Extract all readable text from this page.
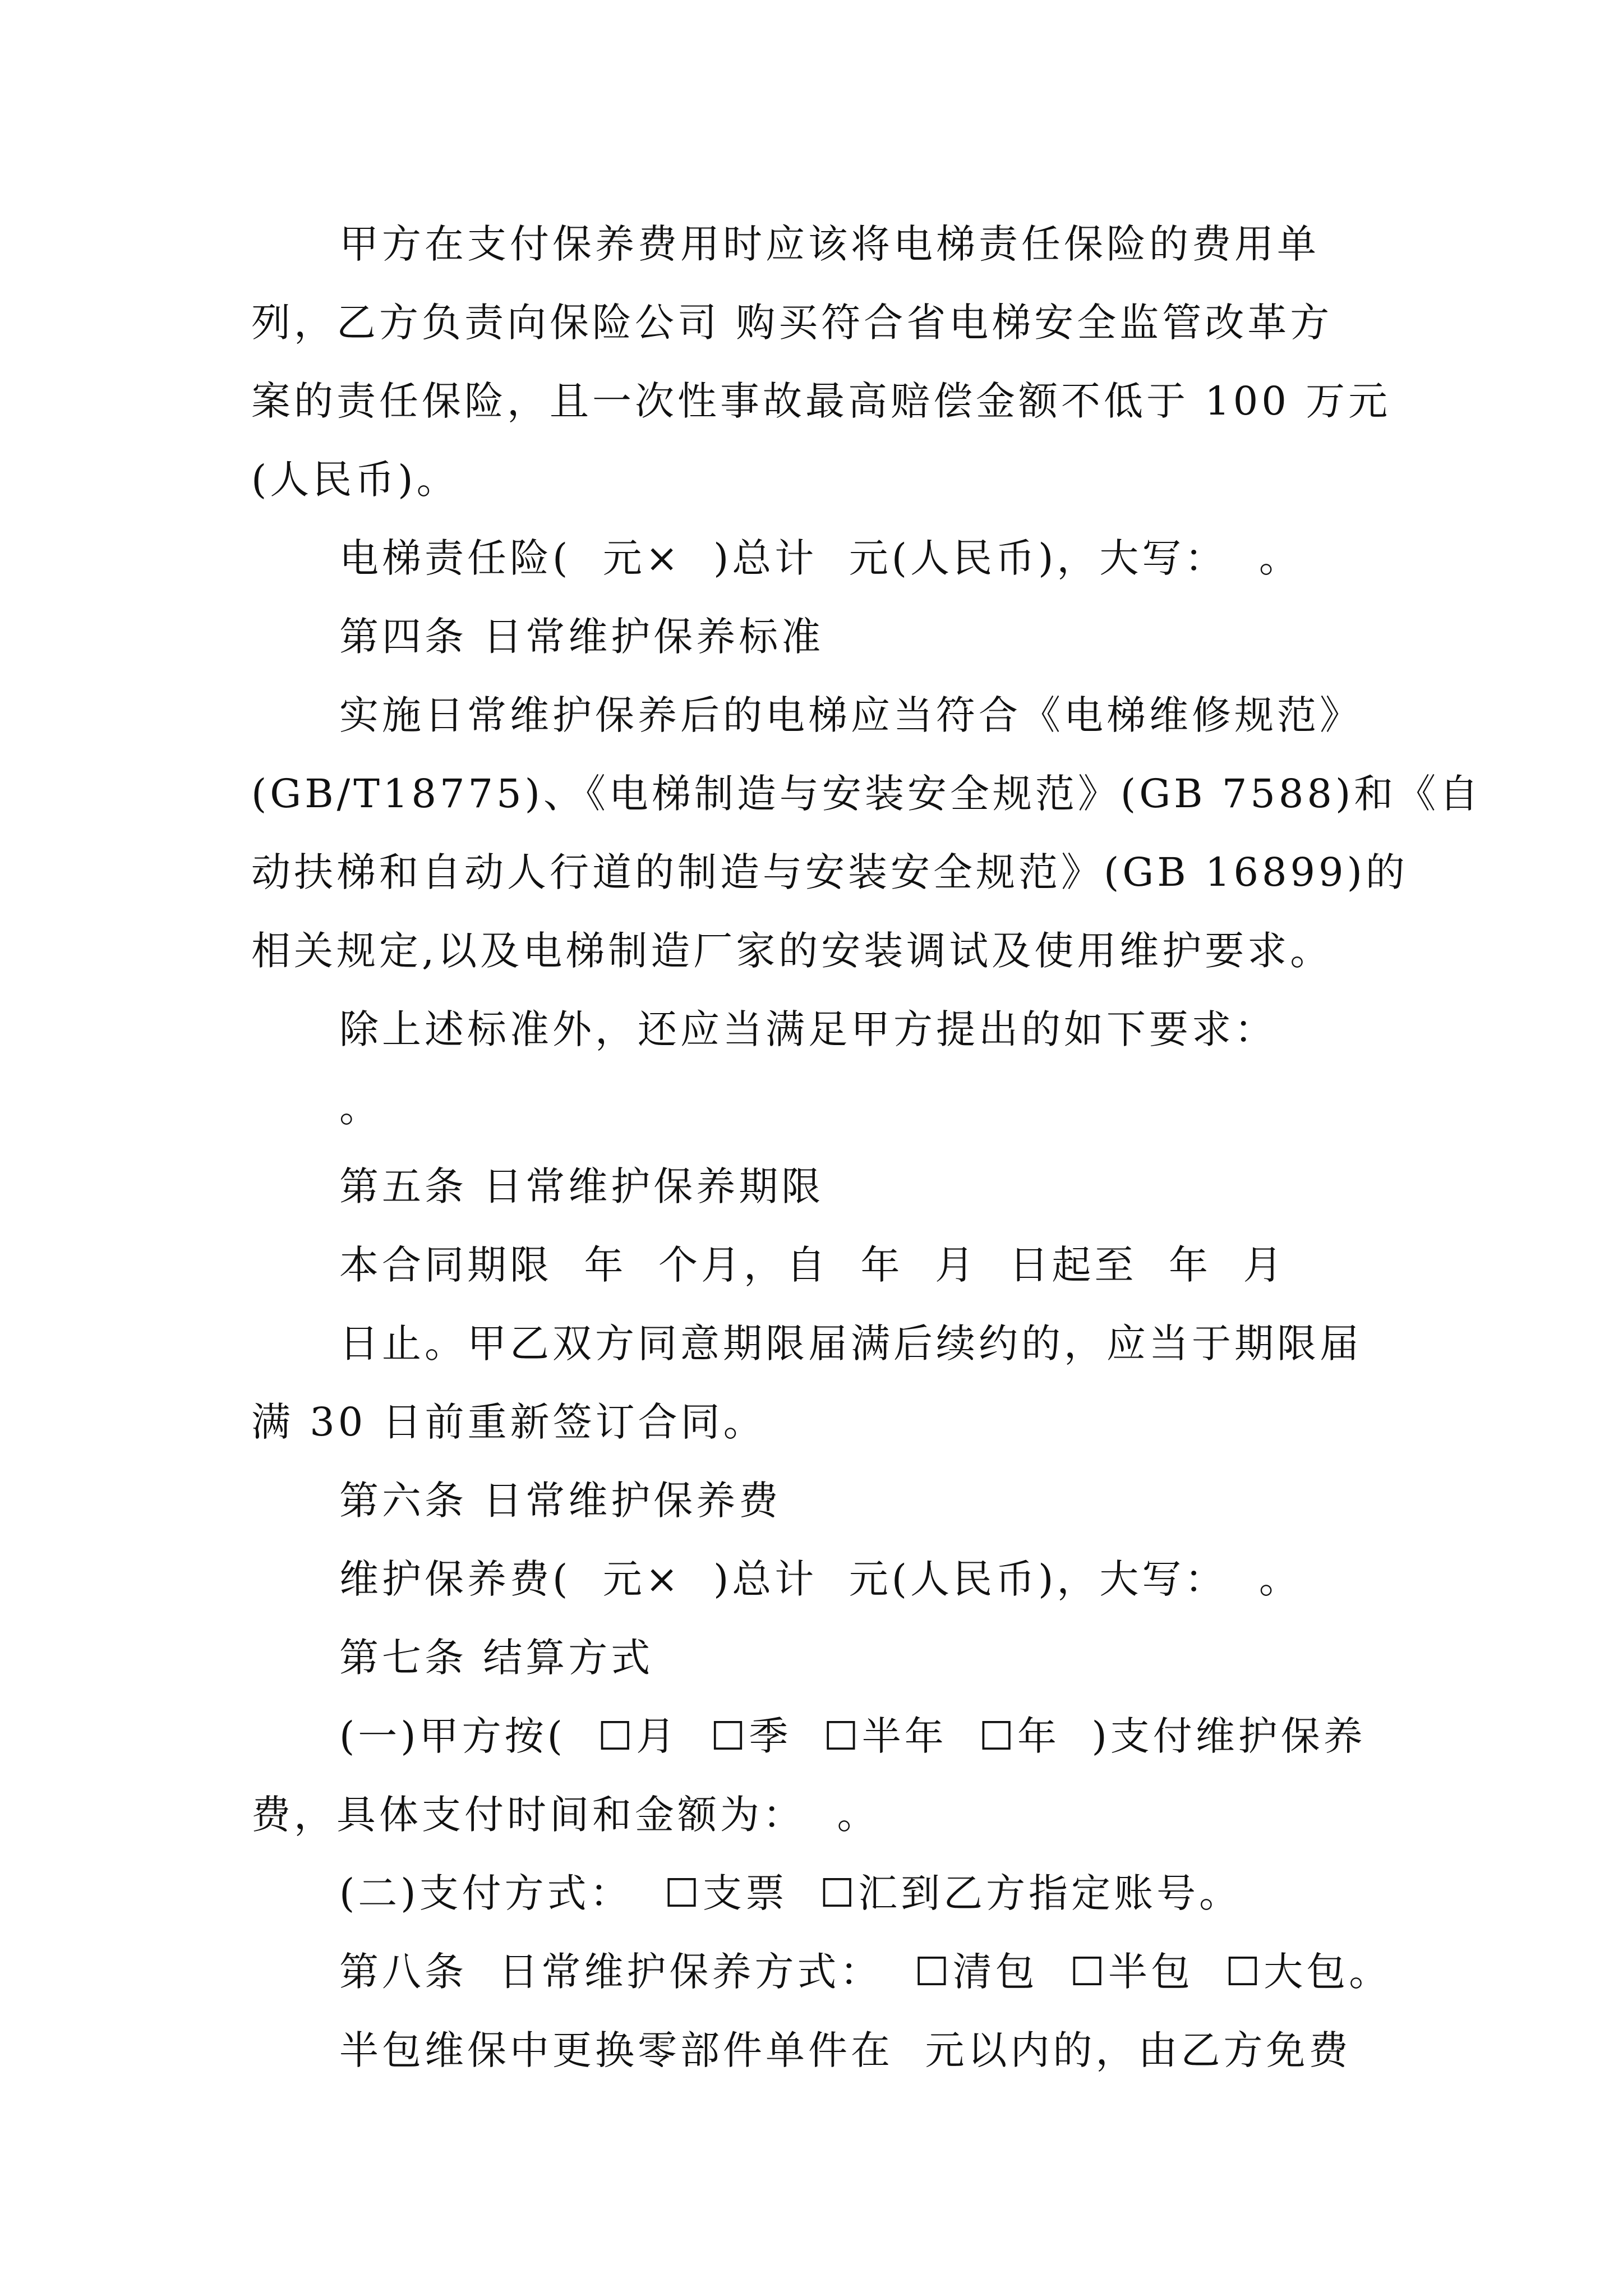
甲方在支付保养费用时应该将电梯责任保险的费用单
列，乙方负责向保险公司 购买符合省电梯安全监管改革方
案的责任保险，且一次性事故最高赔偿金额不低于 100 万元
(人民币)。
电梯责任险(  元×  )总计  元(人民币)，大写：  。
第四条 日常维护保养标准
实施日常维护保养后的电梯应当符合《电梯维修规范》
(GB/T18775)、《电梯制造与安装安全规范》(GB 7588)和《自
动扶梯和自动人行道的制造与安装安全规范》(GB 16899)的
相关规定,以及电梯制造厂家的安装调试及使用维护要求。
除上述标准外，还应当满足甲方提出的如下要求：
。
第五条 日常维护保养期限
本合同期限  年  个月，自  年  月  日起至  年  月
日止。甲乙双方同意期限届满后续约的，应当于期限届
满 30 日前重新签订合同。
第六条 日常维护保养费
维护保养费(  元×  )总计  元(人民币)，大写：  。
第七条 结算方式
(一)甲方按(  ☐月  ☐季  ☐半年  ☐年  )支付维护保养
费，具体支付时间和金额为：  。
(二)支付方式：  ☐支票  ☐汇到乙方指定账号。
第八条  日常维护保养方式：  ☐清包  ☐半包  ☐大包。
半包维保中更换零部件单件在  元以内的，由乙方免费
